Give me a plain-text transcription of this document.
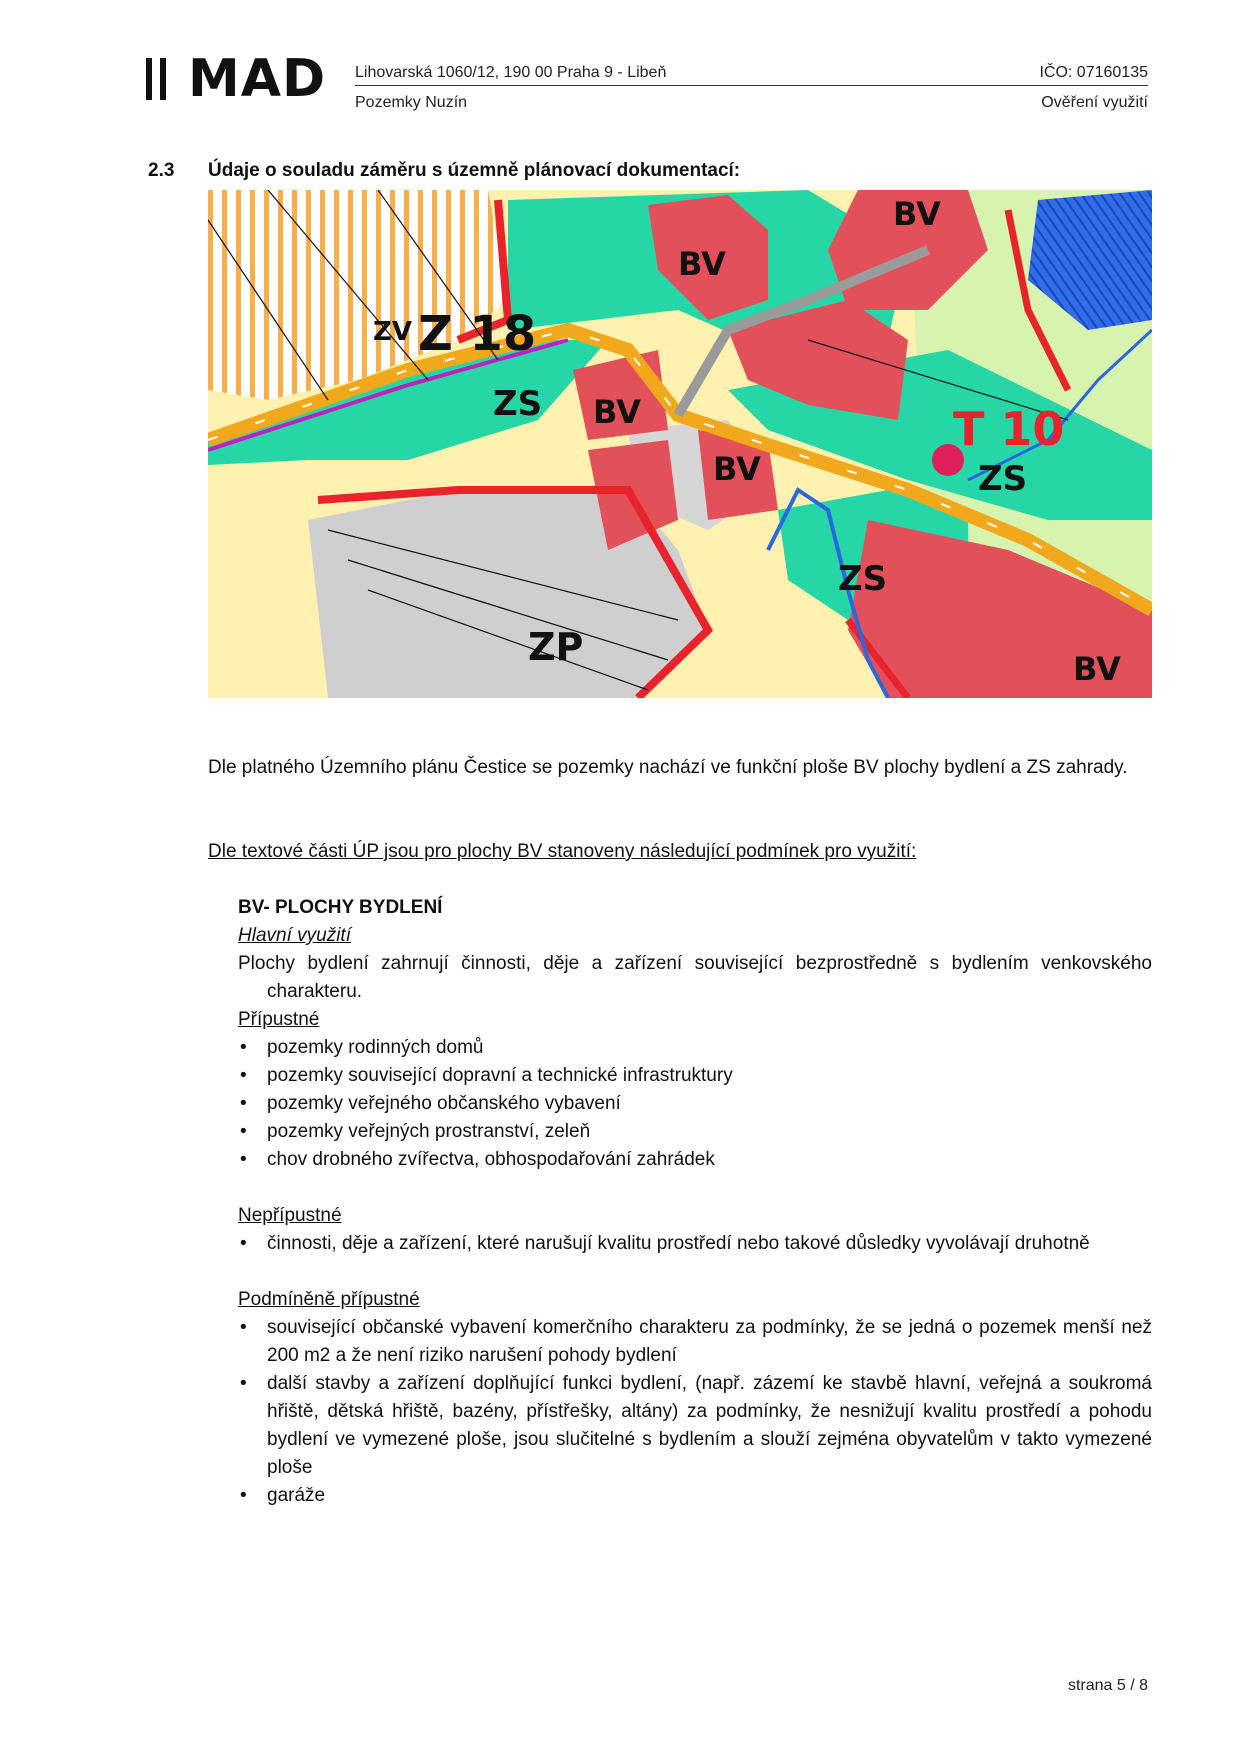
MAD Lihovarská 1060/12, 190 00 Praha 9 - Libeň	IČO: 07160135
Pozemky Nuzín	Ověření využití
2.3 Údaje o souladu záměru s územně plánovací dokumentací:
BV
BV
BV
BV
BV
ZS
ZS
ZS
ZP
Z 18
T 10
ZV
Dle platného Územního plánu Čestice se pozemky nachází ve funkční ploše BV plochy bydlení a ZS zahrady.
Dle textové části ÚP jsou pro plochy BV stanoveny následující podmínek pro využití:
BV- PLOCHY BYDLENÍ
Hlavní využití
Plochy bydlení zahrnují činnosti, děje a zařízení související bezprostředně s bydlením venkovského charakteru.
Přípustné
• pozemky rodinných domů
• pozemky související dopravní a technické infrastruktury
• pozemky veřejného občanského vybavení
• pozemky veřejných prostranství, zeleň
• chov drobného zvířectva, obhospodařování zahrádek
Nepřípustné
• činnosti, děje a zařízení, které narušují kvalitu prostředí nebo takové důsledky vyvolávají druhotně
Podmíněně přípustné
• související občanské vybavení komerčního charakteru za podmínky, že se jedná o pozemek menší než 200 m2 a že není riziko narušení pohody bydlení
• další stavby a zařízení doplňující funkci bydlení, (např. zázemí ke stavbě hlavní, veřejná a soukromá hřiště, dětská hřiště, bazény, přístřešky, altány) za podmínky, že nesnižují kvalitu prostředí a pohodu bydlení ve vymezené ploše, jsou slučitelné s bydlením a slouží zejména obyvatelům v takto vymezené ploše
• garáže
strana 5 / 8
